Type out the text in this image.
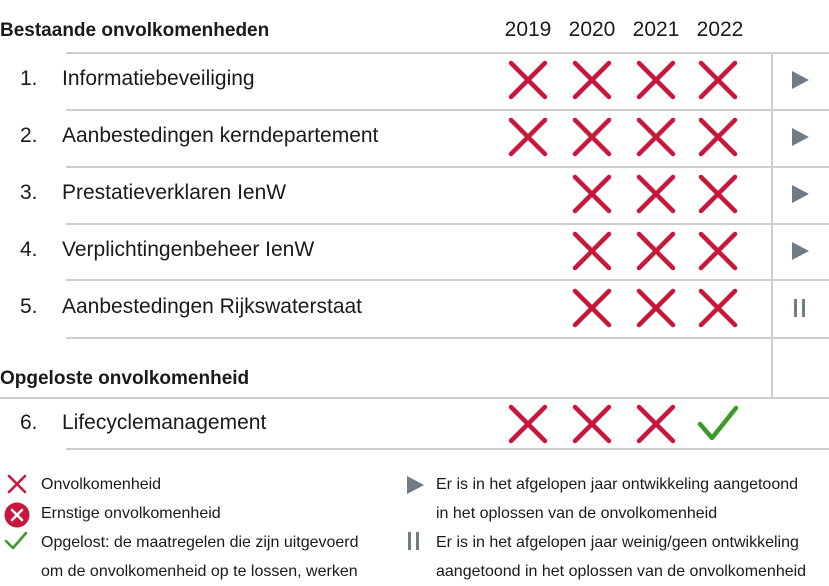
Bestaande onvolkomenheden	2019 2020 2021 2022
1. Informatiebeveiliging
2. Aanbestedingen kerndepartement
3. Prestatieverklaren IenW
4. Verplichtingenbeheer IenW
5. Aanbestedingen Rijkswaterstaat
6. Lifecyclemanagement
Opgeloste onvolkomenheid
Onvolkomenheid
Ernstige onvolkomenheid
Opgelost: de maatregelen die zijn uitgevoerd
om de onvolkomenheid op te lossen, werken
Er is in het afgelopen jaar ontwikkeling aangetoond
in het oplossen van de onvolkomenheid
Er is in het afgelopen jaar weinig/geen ontwikkeling
aangetoond in het oplossen van de onvolkomenheid
